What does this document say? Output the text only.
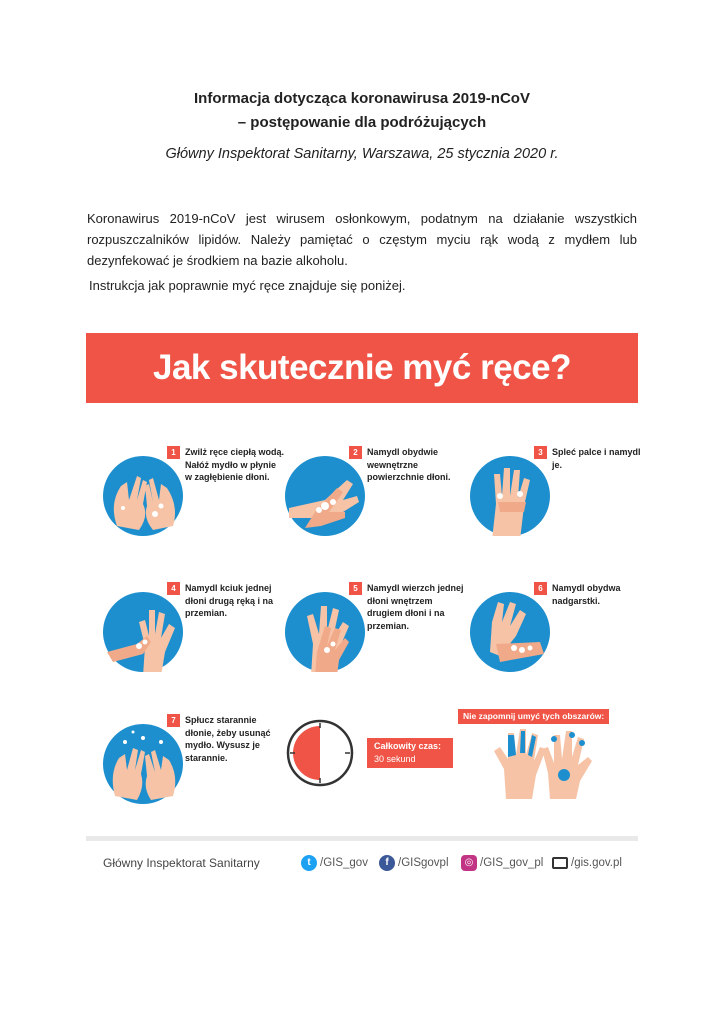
Informacja dotycząca koronawirusa 2019-nCoV
– postępowanie dla podróżujących
Główny Inspektorat Sanitarny, Warszawa, 25 stycznia 2020 r.
Koronawirus 2019-nCoV jest wirusem osłonkowym, podatnym na działanie wszystkich rozpuszczalników lipidów. Należy pamiętać o częstym myciu rąk wodą z mydłem lub dezynfekować je środkiem na bazie alkoholu.
Instrukcja jak poprawnie myć ręce znajduje się poniżej.
Jak skutecznie myć ręce?
1	Zwilż ręce ciepłą wodą. Nałóż mydło w płynie w zagłębienie dłoni.
2	Namydl obydwie wewnętrzne powierzchnie dłoni.
3	Spleć palce i namydl je.
4	Namydl kciuk jednej dłoni drugą ręką i na przemian.
5	Namydl wierzch jednej dłoni wnętrzem drugiem dłoni i na przemian.
6	Namydl obydwa nadgarstki.
7	Spłucz starannie dłonie, żeby usunąć mydło. Wysusz je starannie.
Całkowity czas:
30 sekund
Nie zapomnij umyć tych obszarów:
Główny Inspektorat Sanitarny	t /GIS_gov	f /GISgovpl	◎ /GIS_gov_pl /gis.gov.pl
